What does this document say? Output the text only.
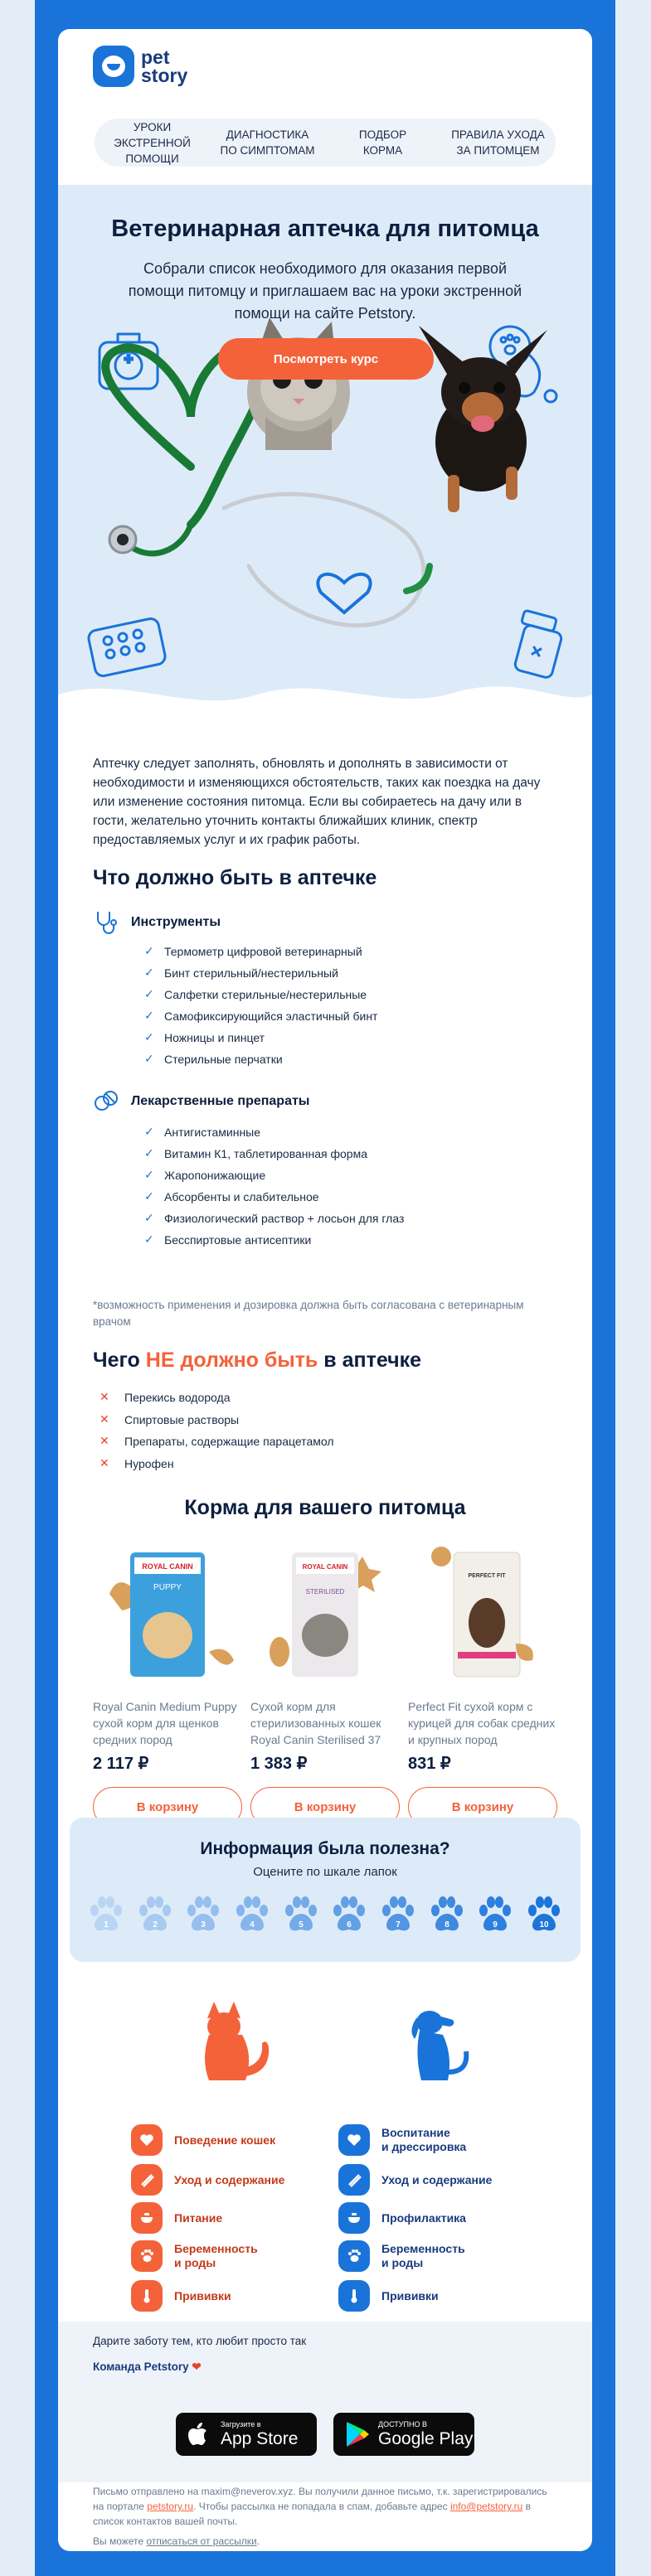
pet
story
УРОКИ ЭКСТРЕННОЙ
ПОМОЩИ
ДИАГНОСТИКА
ПО СИМПТОМАМ
ПОДБОР
КОРМА
ПРАВИЛА УХОДА
ЗА ПИТОМЦЕМ
Ветеринарная аптечка для питомца

Собрали список необходимого для оказания первой помощи питомцу и приглашаем вас на уроки экстренной помощи на сайте Petstory.

Посмотреть курс

Аптечку следует заполнять, обновлять и дополнять в зависимости от необходимости и изменяющихся обстоятельств, таких как поездка на дачу или изменение состояния питомца. Если вы собираетесь на дачу или в гости, желательно уточнить контакты ближайших клиник, спектр предоставляемых услуг и их график работы.

Что должно быть в аптечке
Инструменты
✓ Термометр цифровой ветеринарный
✓ Бинт стерильный/нестерильный
✓ Салфетки стерильные/нестерильные
✓ Самофиксирующийся эластичный бинт
✓ Ножницы и пинцет
✓ Стерильные перчатки
Лекарственные препараты
✓ Антигистаминные
✓ Витамин К1, таблетированная форма
✓ Жаропонижающие
✓ Абсорбенты и слабительное
✓ Физиологический раствор + лосьон для глаз
✓ Бесспиртовые антисептики

*возможность применения и дозировка должна быть согласована с ветеринарным врачом

Чего НЕ должно быть в аптечке
✕ Перекись водорода
✕ Спиртовые растворы
✕ Препараты, содержащие парацетамол
✕ Нурофен
Корма для вашего питомца
ROYAL CANIN
PUPPY
Royal Canin Medium Puppy сухой корм для щенков средних пород
2 117 ₽
В корзину
ROYAL CANIN
STERILISED
Сухой корм для стерилизованных кошек Royal Canin Sterilised 37
1 383 ₽
В корзину
PERFECT FIT
Perfect Fit сухой корм с курицей для собак средних и крупных пород
831 ₽
В корзину
Информация была полезна?
Оцените по шкале лапок
1	2	3	4	5	6	7	8	9	10
Дарите заботу тем, кто любит просто так
Команда Petstory ❤
Загрузите в
App Store
ДОСТУПНО В
Google Play

Письмо отправлено на maxim@neverov.xyz. Вы получили данное письмо, т.к. зарегистрировались на портале petstory.ru. Чтобы рассылка не попадала в спам, добавьте адрес info@petstory.ru в список контактов вашей почты.

Вы можете отписаться от рассылки.

Поведение кошек
Уход и содержание
Питание
Беременность
и роды
Прививки
Воспитание
и дрессировка
Уход и содержание
Профилактика
Беременность
и роды
Прививки
